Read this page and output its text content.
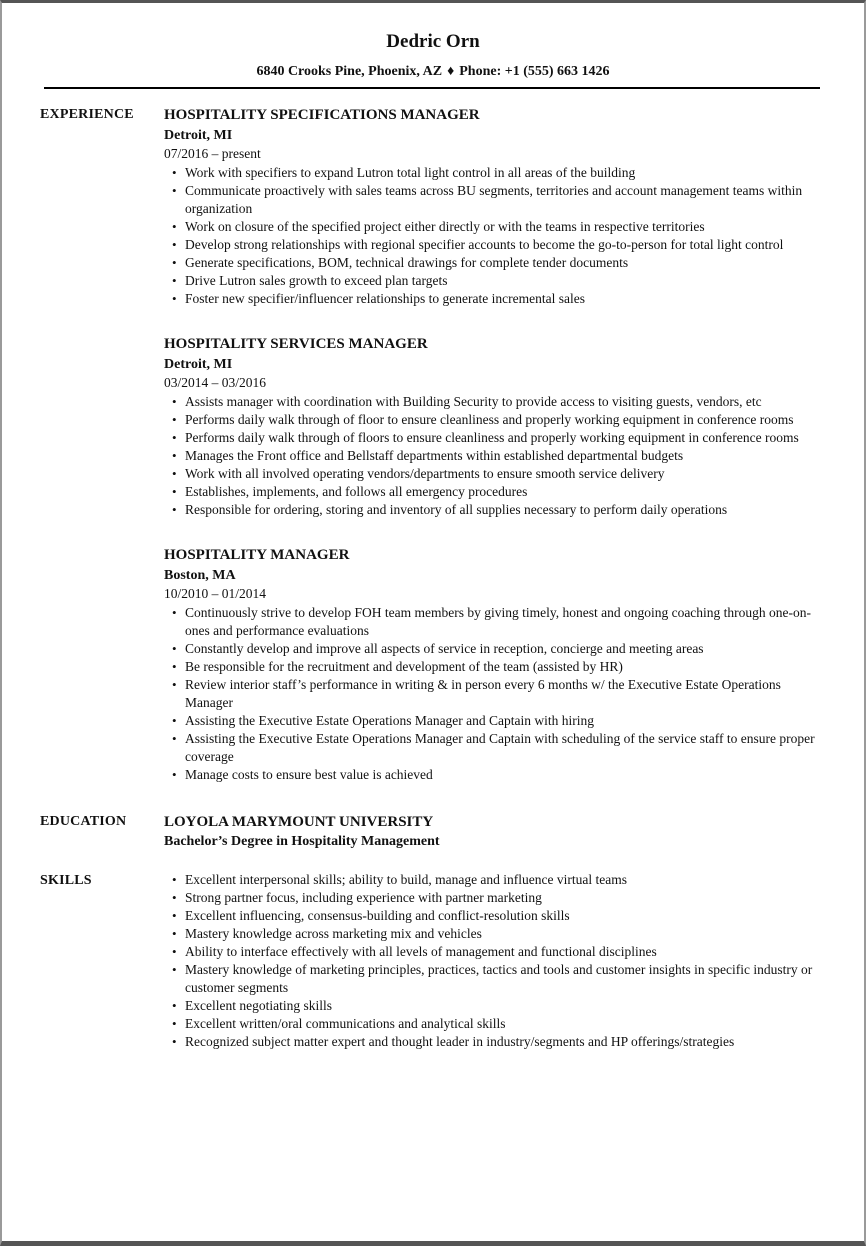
Dedric Orn
6840 Crooks Pine, Phoenix, AZ ♦ Phone: +1 (555) 663 1426
EXPERIENCE	HOSPITALITY SPECIFICATIONS MANAGER
Detroit, MI
07/2016 – present
• Work with specifiers to expand Lutron total light control in all areas of the building
• Communicate proactively with sales teams across BU segments, territories and account management teams within organization
• Work on closure of the specified project either directly or with the teams in respective territories
• Develop strong relationships with regional specifier accounts to become the go-to-person for total light control
• Generate specifications, BOM, technical drawings for complete tender documents
• Drive Lutron sales growth to exceed plan targets
• Foster new specifier/influencer relationships to generate incremental sales
HOSPITALITY SERVICES MANAGER
Detroit, MI
03/2014 – 03/2016
• Assists manager with coordination with Building Security to provide access to visiting guests, vendors, etc
• Performs daily walk through of floor to ensure cleanliness and properly working equipment in conference rooms
• Performs daily walk through of floors to ensure cleanliness and properly working equipment in conference rooms
• Manages the Front office and Bellstaff departments within established departmental budgets
• Work with all involved operating vendors/departments to ensure smooth service delivery
• Establishes, implements, and follows all emergency procedures
• Responsible for ordering, storing and inventory of all supplies necessary to perform daily operations
HOSPITALITY MANAGER
Boston, MA
10/2010 – 01/2014
• Continuously strive to develop FOH team members by giving timely, honest and ongoing coaching through one-on-ones and performance evaluations
• Constantly develop and improve all aspects of service in reception, concierge and meeting areas
• Be responsible for the recruitment and development of the team (assisted by HR)
• Review interior staff’s performance in writing & in person every 6 months w/ the Executive Estate Operations Manager
• Assisting the Executive Estate Operations Manager and Captain with hiring
• Assisting the Executive Estate Operations Manager and Captain with scheduling of the service staff to ensure proper coverage
• Manage costs to ensure best value is achieved
EDUCATION	LOYOLA MARYMOUNT UNIVERSITY
Bachelor’s Degree in Hospitality Management
SKILLS	• Excellent interpersonal skills; ability to build, manage and influence virtual teams
• Strong partner focus, including experience with partner marketing
• Excellent influencing, consensus-building and conflict-resolution skills
• Mastery knowledge across marketing mix and vehicles
• Ability to interface effectively with all levels of management and functional disciplines
• Mastery knowledge of marketing principles, practices, tactics and tools and customer insights in specific industry or customer segments
• Excellent negotiating skills
• Excellent written/oral communications and analytical skills
• Recognized subject matter expert and thought leader in industry/segments and HP offerings/strategies
